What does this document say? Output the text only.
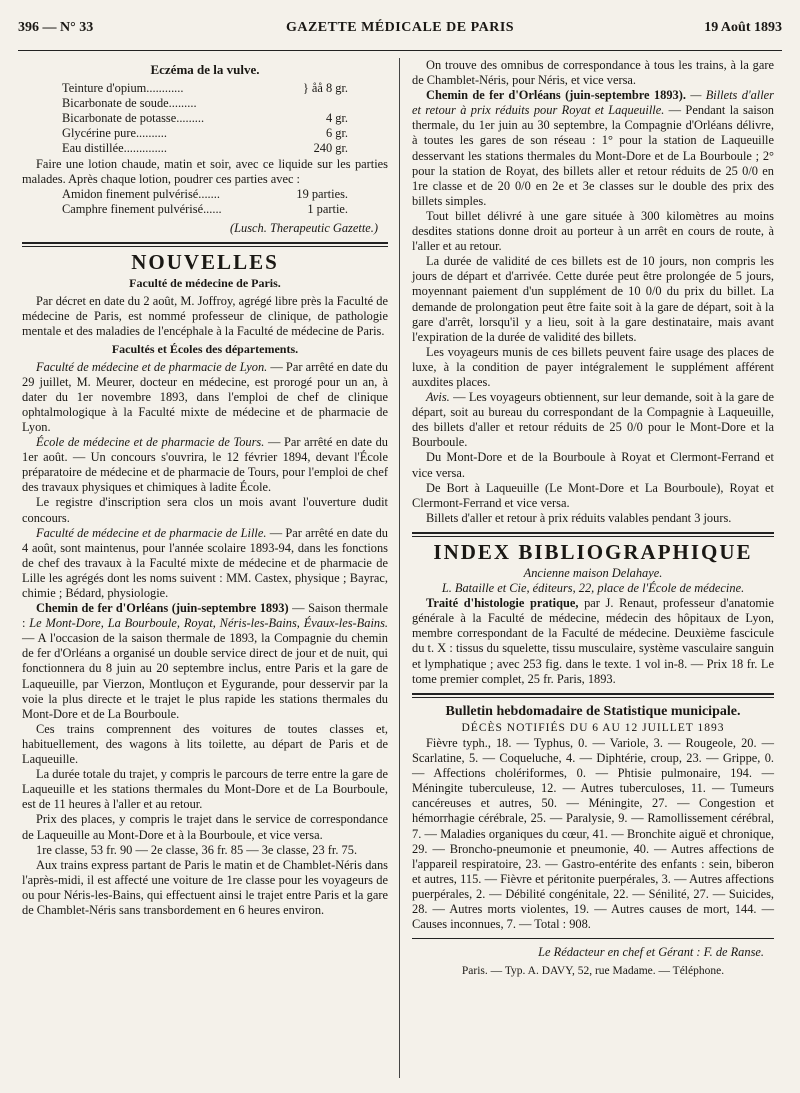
396 — N° 33	GAZETTE MÉDICALE DE PARIS	19 Août 1893

Eczéma de la vulve.

Teinture d'opium............	} åå 8 gr.

Bicarbonate de soude.........

Bicarbonate de potasse.........	4 gr.

Glycérine pure..........	6 gr.

Eau distillée..............	240 gr.

Faire une lotion chaude, matin et soir, avec ce liquide sur les parties malades. Après chaque lotion, poudrer ces parties avec :

Amidon finement pulvérisé.......	19 parties.

Camphre finement pulvérisé......	1 partie.

(Lusch. Therapeutic Gazette.)

NOUVELLES

Faculté de médecine de Paris.

Par décret en date du 2 août, M. Joffroy, agrégé libre près la Faculté de médecine de Paris, est nommé professeur de clinique, de pathologie mentale et des maladies de l'encéphale à la Faculté de médecine de Paris.

Facultés et Écoles des départements.

Faculté de médecine et de pharmacie de Lyon. — Par arrêté en date du 29 juillet, M. Meurer, docteur en médecine, est prorogé pour un an, à dater du 1er novembre 1893, dans l'emploi de chef de clinique ophtalmologique à la Faculté mixte de médecine et de pharmacie de Lyon.

École de médecine et de pharmacie de Tours. — Par arrêté en date du 1er août. — Un concours s'ouvrira, le 12 février 1894, devant l'École préparatoire de médecine et de pharmacie de Tours, pour l'emploi de chef des travaux physiques et chimiques à ladite École.

Le registre d'inscription sera clos un mois avant l'ouverture dudit concours.

Faculté de médecine et de pharmacie de Lille. — Par arrêté en date du 4 août, sont maintenus, pour l'année scolaire 1893-94, dans les fonctions de chef des travaux à la Faculté mixte de médecine et de pharmacie de Lille les agrégés dont les noms suivent : MM. Castex, physique ; Bayrac, chimie ; Bédard, physiologie.

Chemin de fer d'Orléans (juin-septembre 1893) — Saison thermale : Le Mont-Dore, La Bourboule, Royat, Néris-les-Bains, Évaux-les-Bains. — A l'occasion de la saison thermale de 1893, la Compagnie du chemin de fer d'Orléans a organisé un double service direct de jour et de nuit, qui fonctionnera du 8 juin au 20 septembre inclus, entre Paris et la gare de Laqueuille, par Vierzon, Montluçon et Eygurande, pour desservir par la voie la plus directe et le trajet le plus rapide les stations thermales du Mont-Dore et de La Bourboule.

Ces trains comprennent des voitures de toutes classes et, habituellement, des wagons à lits toilette, au départ de Paris et de Laqueuille.

La durée totale du trajet, y compris le parcours de terre entre la gare de Laqueuille et les stations thermales du Mont-Dore et de La Bourboule, est de 11 heures à l'aller et au retour.

Prix des places, y compris le trajet dans le service de correspondance de Laqueuille au Mont-Dore et à la Bourboule, et vice versa.

1re classe, 53 fr. 90 — 2e classe, 36 fr. 85 — 3e classe, 23 fr. 75.

Aux trains express partant de Paris le matin et de Chamblet-Néris dans l'après-midi, il est affecté une voiture de 1re classe pour les voyageurs de ou pour Néris-les-Bains, qui effectuent ainsi le trajet entre Paris et la gare de Chamblet-Néris sans transbordement en 6 heures environ.

On trouve des omnibus de correspondance à tous les trains, à la gare de Chamblet-Néris, pour Néris, et vice versa.

Chemin de fer d'Orléans (juin-septembre 1893). — Billets d'aller et retour à prix réduits pour Royat et Laqueuille. — Pendant la saison thermale, du 1er juin au 30 septembre, la Compagnie d'Orléans délivre, à toutes les gares de son réseau : 1° pour la station de Laqueuille desservant les stations thermales du Mont-Dore et de La Bourboule ; 2° pour la station de Royat, des billets aller et retour réduits de 25 0/0 en 1re classe et de 20 0/0 en 2e et 3e classes sur le double des prix des billets simples.

Tout billet délivré à une gare située à 300 kilomètres au moins desdites stations donne droit au porteur à un arrêt en cours de route, à l'aller et au retour.

La durée de validité de ces billets est de 10 jours, non compris les jours de départ et d'arrivée. Cette durée peut être prolongée de 5 jours, moyennant paiement d'un supplément de 10 0/0 du prix du billet. La demande de prolongation peut être faite soit à la gare de départ, soit à la gare d'arrêt, lorsqu'il y a lieu, soit à la gare destinataire, mais avant l'expiration de la durée de validité des billets.

Les voyageurs munis de ces billets peuvent faire usage des places de luxe, à la condition de payer intégralement le supplément afférent auxdites places.

Avis. — Les voyageurs obtiennent, sur leur demande, soit à la gare de départ, soit au bureau du correspondant de la Compagnie à Laqueuille, des billets d'aller et retour réduits de 25 0/0 pour le Mont-Dore et la Bourboule.

Du Mont-Dore et de la Bourboule à Royat et Clermont-Ferrand et vice versa.

De Bort à Laqueuille (Le Mont-Dore et La Bourboule), Royat et Clermont-Ferrand et vice versa.

Billets d'aller et retour à prix réduits valables pendant 3 jours.

INDEX BIBLIOGRAPHIQUE

Ancienne maison Delahaye.

L. Bataille et Cie, éditeurs, 22, place de l'École de médecine.

Traité d'histologie pratique, par J. Renaut, professeur d'anatomie générale à la Faculté de médecine, médecin des hôpitaux de Lyon, membre correspondant de la Faculté de médecine. Deuxième fascicule du t. X : tissus du squelette, tissu musculaire, système vasculaire sanguin et lymphatique ; avec 253 fig. dans le texte. 1 vol in-8. — Prix 18 fr. Le tome premier complet, 25 fr. Paris, 1893.

Bulletin hebdomadaire de Statistique municipale.

DÉCÈS NOTIFIÉS DU 6 AU 12 JUILLET 1893

Fièvre typh., 18. — Typhus, 0. — Variole, 3. — Rougeole, 20. — Scarlatine, 5. — Coqueluche, 4. — Diphtérie, croup, 23. — Grippe, 0. — Affections cholériformes, 0. — Phtisie pulmonaire, 194. — Méningite tuberculeuse, 12. — Autres tuberculoses, 11. — Tumeurs cancéreuses et autres, 50. — Méningite, 27. — Congestion et hémorrhagie cérébrale, 25. — Paralysie, 9. — Ramollissement cérébral, 7. — Maladies organiques du cœur, 41. — Bronchite aiguë et chronique, 29. — Broncho-pneumonie et pneumonie, 40. — Autres affections de l'appareil respiratoire, 23. — Gastro-entérite des enfants : sein, biberon et autres, 115. — Fièvre et péritonite puerpérales, 3. — Autres affections puerpérales, 2. — Débilité congénitale, 22. — Sénilité, 27. — Suicides, 28. — Autres morts violentes, 19. — Autres causes de mort, 144. — Causes inconnues, 7. — Total : 908.

Le Rédacteur en chef et Gérant : F. de Ranse.

Paris. — Typ. A. DAVY, 52, rue Madame. — Téléphone.
